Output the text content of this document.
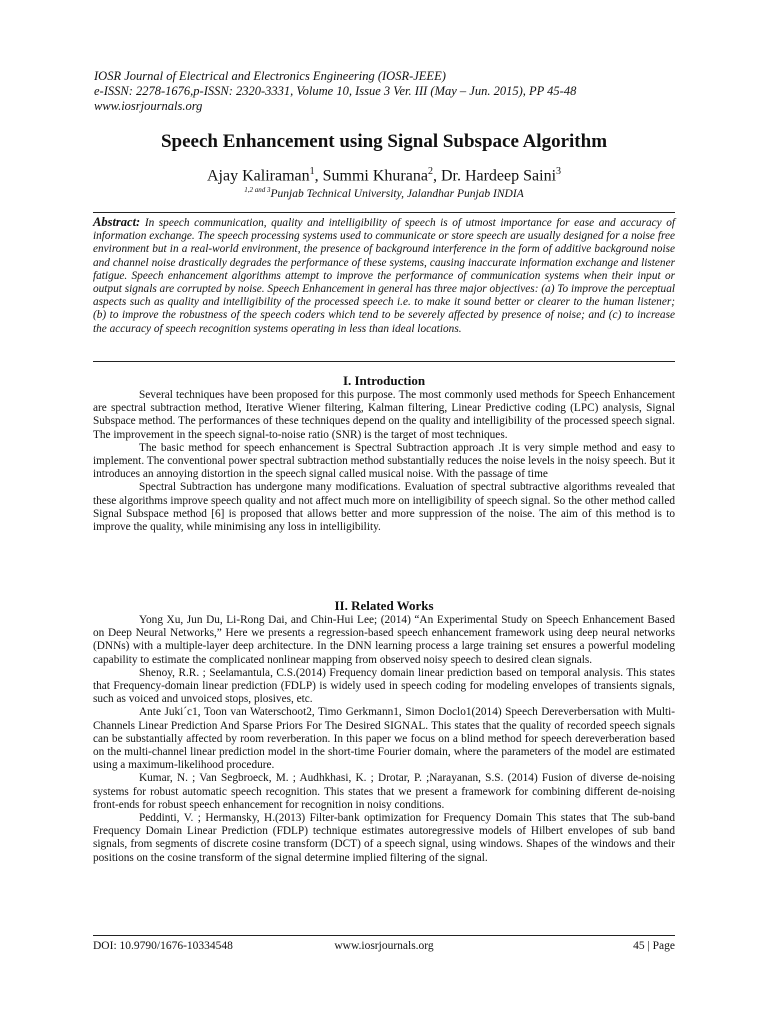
IOSR Journal of Electrical and Electronics Engineering (IOSR-JEEE)
e-ISSN: 2278-1676,p-ISSN: 2320-3331, Volume 10, Issue 3 Ver. III (May – Jun. 2015), PP 45-48
www.iosrjournals.org
Speech Enhancement using Signal Subspace Algorithm
Ajay Kaliraman$^1$, Summi Khurana$^2$, Dr. Hardeep Saini$^3$
$^{1,2 and 3}$Punjab Technical University, Jalandhar Punjab INDIA
Abstract: In speech communication, quality and intelligibility of speech is of utmost importance for ease and accuracy of information exchange. The speech processing systems used to communicate or store speech are usually designed for a noise free environment but in a real-world environment, the presence of background interference in the form of additive background noise and channel noise drastically degrades the performance of these systems, causing inaccurate information exchange and listener fatigue. Speech enhancement algorithms attempt to improve the performance of communication systems when their input or output signals are corrupted by noise. Speech Enhancement in general has three major objectives: (a) To improve the perceptual aspects such as quality and intelligibility of the processed speech i.e. to make it sound better or clearer to the human listener; (b) to improve the robustness of the speech coders which tend to be severely affected by presence of noise; and (c) to increase the accuracy of speech recognition systems operating in less than ideal locations.
I. Introduction

Several techniques have been proposed for this purpose. The most commonly used methods for Speech Enhancement are spectral subtraction method, Iterative Wiener filtering, Kalman filtering, Linear Predictive coding (LPC) analysis, Signal Subspace method. The performances of these techniques depend on the quality and intelligibility of the processed speech signal. The improvement in the speech signal-to-noise ratio (SNR) is the target of most techniques.

The basic method for speech enhancement is Spectral Subtraction approach .It is very simple method and easy to implement. The conventional power spectral subtraction method substantially reduces the noise levels in the noisy speech. But it introduces an annoying distortion in the speech signal called musical noise. With the passage of time

Spectral Subtraction has undergone many modifications. Evaluation of spectral subtractive algorithms revealed that these algorithms improve speech quality and not affect much more on intelligibility of speech signal. So the other method called Signal Subspace method [6] is proposed that allows better and more suppression of the noise. The aim of this method is to improve the quality, while minimising any loss in intelligibility.

II. Related Works

Yong Xu, Jun Du, Li-Rong Dai, and Chin-Hui Lee; (2014) “An Experimental Study on Speech Enhancement Based on Deep Neural Networks,” Here we presents a regression-based speech enhancement framework using deep neural networks (DNNs) with a multiple-layer deep architecture. In the DNN learning process a large training set ensures a powerful modeling capability to estimate the complicated nonlinear mapping from observed noisy speech to desired clean signals.

Shenoy, R.R. ; Seelamantula, C.S.(2014) Frequency domain linear prediction based on temporal analysis. This states that Frequency-domain linear prediction (FDLP) is widely used in speech coding for modeling envelopes of transients signals, such as voiced and unvoiced stops, plosives, etc.

Ante Juki´c1, Toon van Waterschoot2, Timo Gerkmann1, Simon Doclo1(2014) Speech Dereverbersation with Multi-Channels Linear Prediction And Sparse Priors For The Desired SIGNAL. This states that the quality of recorded speech signals can be substantially affected by room reverberation. In this paper we focus on a blind method for speech dereverberation based on the multi-channel linear prediction model in the short-time Fourier domain, where the parameters of the model are estimated using a maximum-likelihood procedure.

Kumar, N. ; Van Segbroeck, M. ; Audhkhasi, K. ; Drotar, P. ;Narayanan, S.S. (2014) Fusion of diverse de-noising systems for robust automatic speech recognition. This states that we present a framework for combining different de-noising front-ends for robust speech enhancement for recognition in noisy conditions.

Peddinti, V. ; Hermansky, H.(2013) Filter-bank optimization for Frequency Domain This states that The sub-band Frequency Domain Linear Prediction (FDLP) technique estimates autoregressive models of Hilbert envelopes of sub band signals, from segments of discrete cosine transform (DCT) of a speech signal, using windows. Shapes of the windows and their positions on the cosine transform of the signal determine implied filtering of the signal.

DOI: 10.9790/1676-10334548	www.iosrjournals.org	45 | Page
